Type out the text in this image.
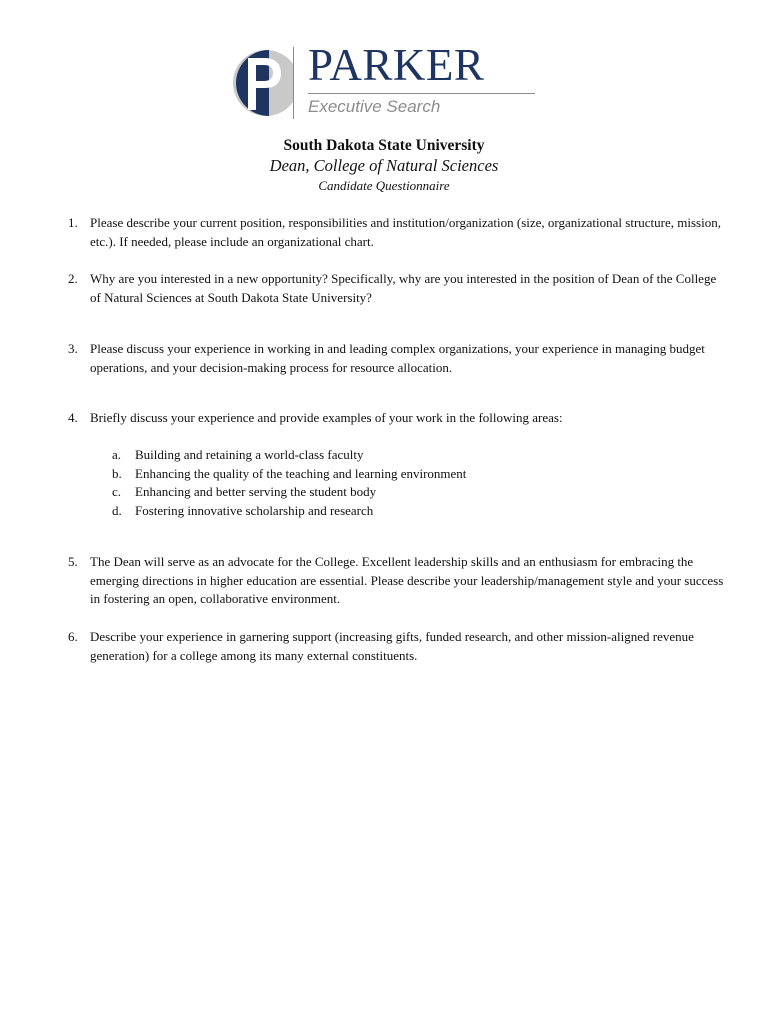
PARKER
Executive Search
South Dakota State University
Dean, College of Natural Sciences
Candidate Questionnaire
1. Please describe your current position, responsibilities and institution/organization (size, organizational structure, mission, etc.). If needed, please include an organizational chart.
2. Why are you interested in a new opportunity? Specifically, why are you interested in the position of Dean of the College of Natural Sciences at South Dakota State University?
3. Please discuss your experience in working in and leading complex organizations, your experience in managing budget operations, and your decision-making process for resource allocation.
4. Briefly discuss your experience and provide examples of your work in the following areas:
a. Building and retaining a world-class faculty
b. Enhancing the quality of the teaching and learning environment
c. Enhancing and better serving the student body
d. Fostering innovative scholarship and research
5. The Dean will serve as an advocate for the College. Excellent leadership skills and an enthusiasm for embracing the emerging directions in higher education are essential. Please describe your leadership/management style and your success in fostering an open, collaborative environment.
6. Describe your experience in garnering support (increasing gifts, funded research, and other mission-aligned revenue generation) for a college among its many external constituents.
